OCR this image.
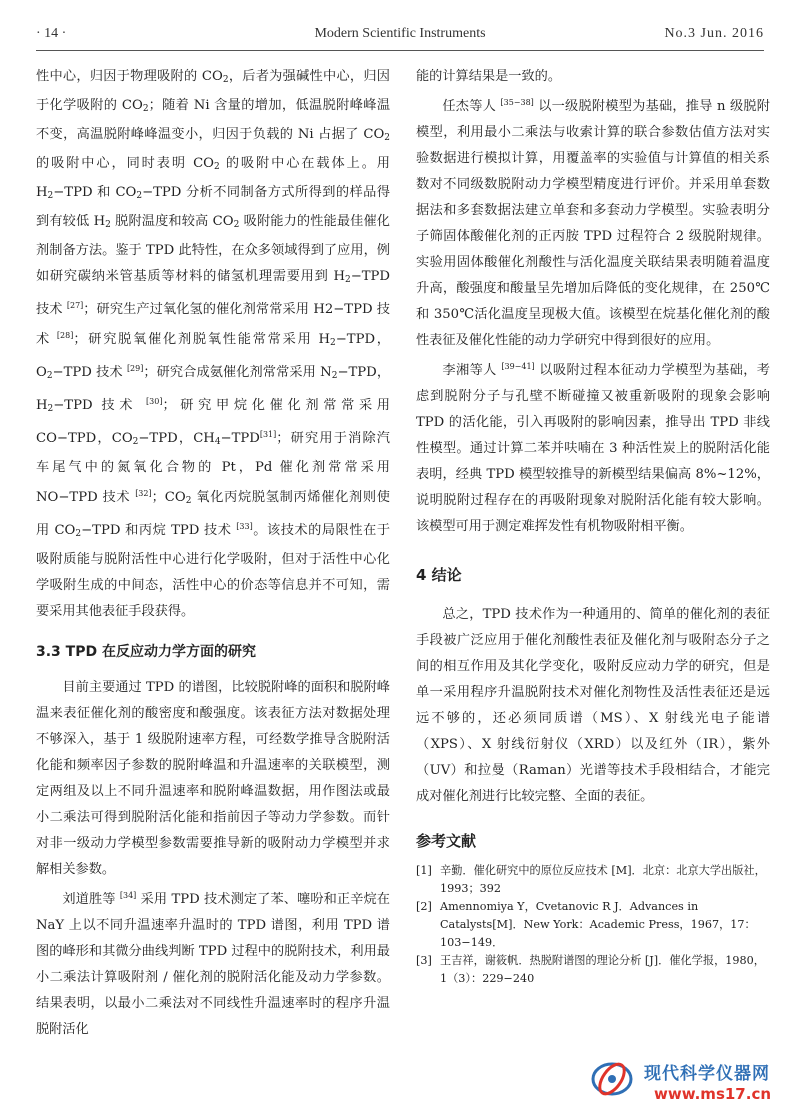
· 14 ·	Modern Scientific Instruments	No.3 Jun. 2016

性中心，归因于物理吸附的 $CO_2$，后者为强碱性中心，归因于化学吸附的 $CO_2$；随着 Ni 含量的增加，低温脱附峰峰温不变，高温脱附峰峰温变小，归因于负载的 Ni 占据了 $CO_2$ 的吸附中心，同时表明 $CO_2$ 的吸附中心在载体上。用 $H_2-TPD$ 和 $CO_2-TPD$ 分析不同制备方式所得到的样品得到有较低 $H_2$ 脱附温度和较高 $CO_2$ 吸附能力的性能最佳催化剂制备方法。鉴于 TPD 此特性，在众多领域得到了应用，例如研究碳纳米管基质等材料的储氢机理需要用到 $H_2-TPD$ 技术 [27]；研究生产过氧化氢的催化剂常常采用 H2−TPD 技术 [28]；研究脱氧催化剂脱氧性能常常采用 $H_2-TPD$，$O_2-TPD$ 技术 [29]；研究合成氨催化剂常常采用 $N_2-TPD$，$H_2-TPD$ 技术 [30]；研究甲烷化催化剂常常采用 CO−TPD，$CO_2-TPD$，$CH_4-TPD[31]$；研究用于消除汽车尾气中的氮氧化合物的 Pt，Pd 催化剂常常采用 NO−TPD 技术 [32]；$CO_2$ 氧化丙烷脱氢制丙烯催化剂则使用 $CO_2-TPD$ 和丙烷 TPD 技术 [33]。该技术的局限性在于吸附质能与脱附活性中心进行化学吸附，但对于活性中心化学吸附生成的中间态，活性中心的价态等信息并不可知，需要采用其他表征手段获得。

3.3 TPD 在反应动力学方面的研究

目前主要通过 TPD 的谱图，比较脱附峰的面积和脱附峰温来表征催化剂的酸密度和酸强度。该表征方法对数据处理不够深入，基于 1 级脱附速率方程，可经数学推导含脱附活化能和频率因子参数的脱附峰温和升温速率的关联模型，测定两组及以上不同升温速率和脱附峰温数据，用作图法或最小二乘法可得到脱附活化能和指前因子等动力学参数。而针对非一级动力学模型参数需要推导新的吸附动力学模型并求解相关参数。

刘道胜等 [34] 采用 TPD 技术测定了苯、噻吩和正辛烷在 NaY 上以不同升温速率升温时的 TPD 谱图，利用 TPD 谱图的峰形和其微分曲线判断 TPD 过程中的脱附技术，利用最小二乘法计算吸附剂 / 催化剂的脱附活化能及动力学参数。结果表明，以最小二乘法对不同线性升温速率时的程序升温脱附活化

能的计算结果是一致的。

任杰等人 [35−38] 以一级脱附模型为基础，推导 n 级脱附模型，利用最小二乘法与收索计算的联合参数估值方法对实验数据进行模拟计算，用覆盖率的实验值与计算值的相关系数对不同级数脱附动力学模型精度进行评价。并采用单套数据法和多套数据法建立单套和多套动力学模型。实验表明分子筛固体酸催化剂的正丙胺 TPD 过程符合 2 级脱附规律。实验用固体酸催化剂酸性与活化温度关联结果表明随着温度升高，酸强度和酸量呈先增加后降低的变化规律，在 250℃和 350℃活化温度呈现极大值。该模型在烷基化催化剂的酸性表征及催化性能的动力学研究中得到很好的应用。

李湘等人 [39−41] 以吸附过程本征动力学模型为基础，考虑到脱附分子与孔壁不断碰撞又被重新吸附的现象会影响 TPD 的活化能，引入再吸附的影响因素，推导出 TPD 非线性模型。通过计算二苯并呋喃在 3 种活性炭上的脱附活化能表明，经典 TPD 模型较推导的新模型结果偏高 8%~12%，说明脱附过程存在的再吸附现象对脱附活化能有较大影响。该模型可用于测定难挥发性有机物吸附相平衡。

4 结论

总之，TPD 技术作为一种通用的、简单的催化剂的表征手段被广泛应用于催化剂酸性表征及催化剂与吸附态分子之间的相互作用及其化学变化，吸附反应动力学的研究，但是单一采用程序升温脱附技术对催化剂物性及活性表征还是远远不够的，还必须同质谱（MS）、X 射线光电子能谱（XPS）、X 射线衍射仪（XRD）以及红外（IR），紫外（UV）和拉曼（Raman）光谱等技术手段相结合，才能完成对催化剂进行比较完整、全面的表征。

参考文献
[1] 辛勤．催化研究中的原位反应技术 [M]．北京：北京大学出版社，1993；392
[2] Amennomiya Y，Cvetanovic R J．Advances in Catalysts[M]．New York：Academic Press，1967，17：103−149．
[3] 王吉祥，谢筱帆．热脱附谱图的理论分析 [J]．催化学报，1980，1（3）：229−240
现代科学仪器网
www.ms17.cn
